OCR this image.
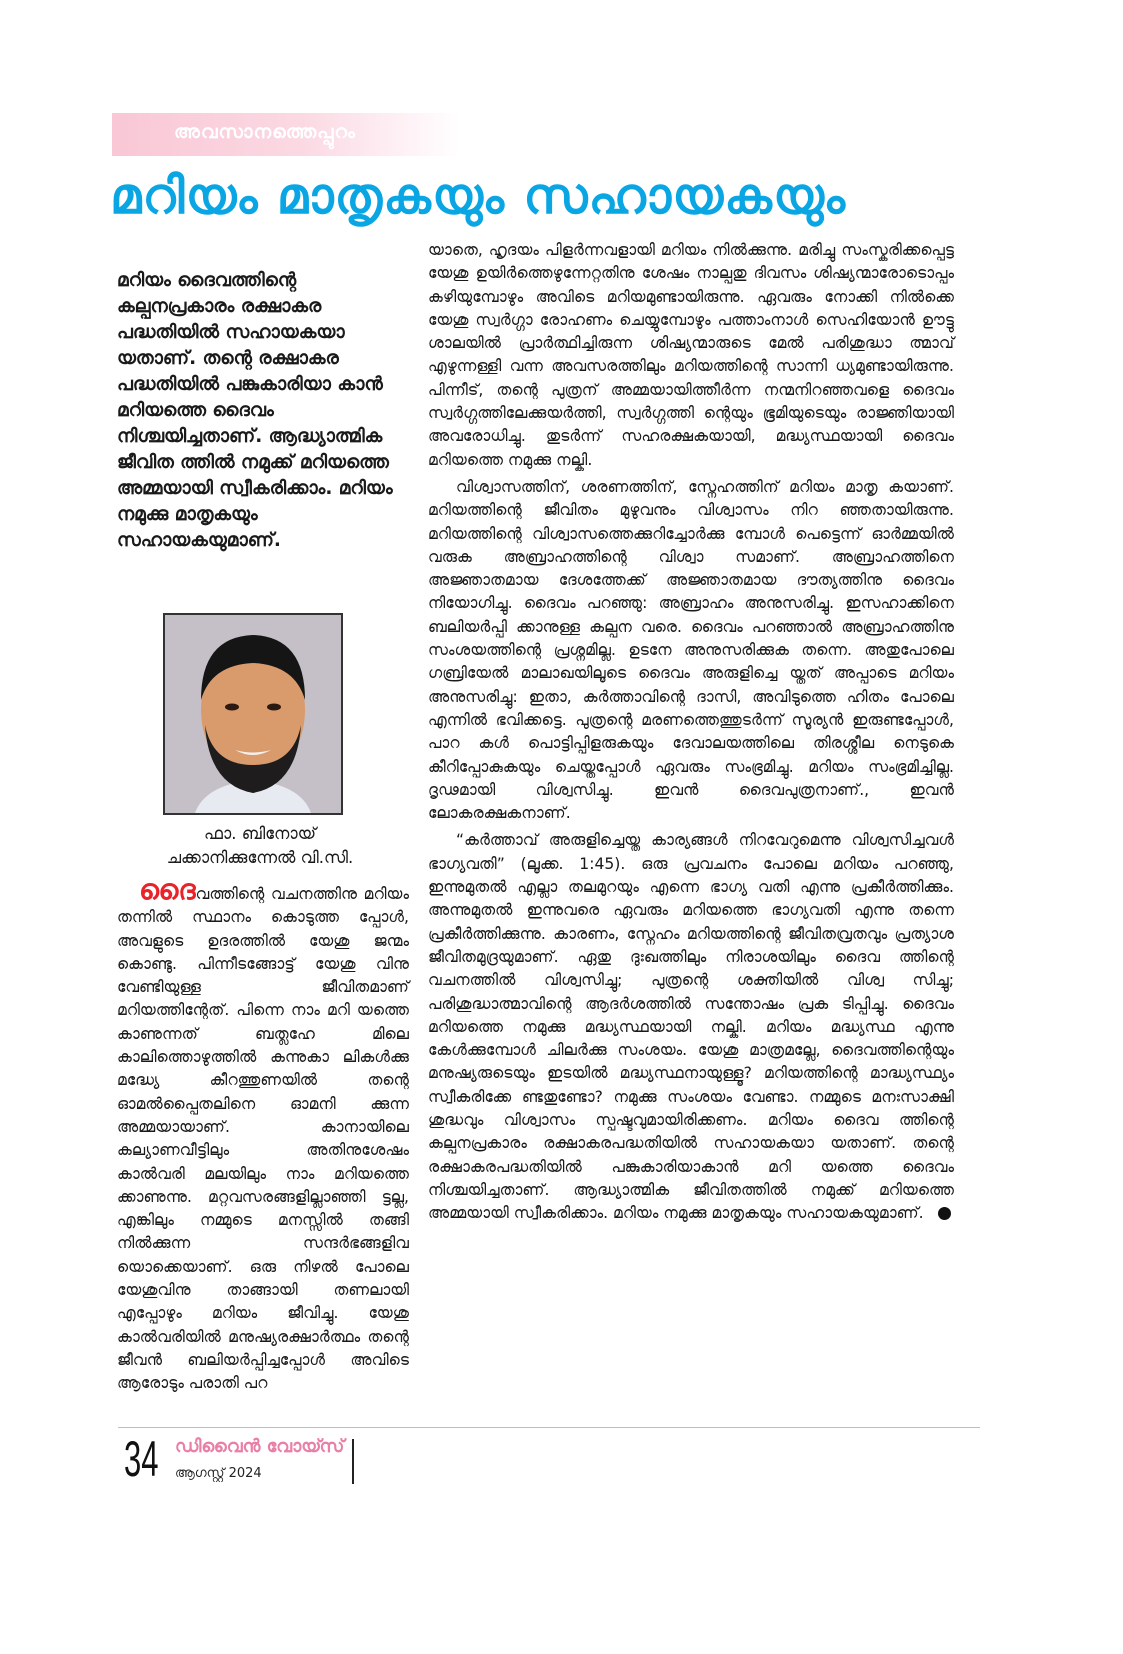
അവസാനത്തെപ്പുറം
മറിയം മാതൃകയും സഹായകയും

മറിയം ദൈവത്തിന്റെ കല്പനപ്രകാരം രക്ഷാകര പദ്ധതിയിൽ സഹായകയാ യതാണ്. തന്റെ രക്ഷാകര പദ്ധതിയിൽ പങ്കുകാരിയാ കാൻ മറിയത്തെ ദൈവം നിശ്ചയിച്ചതാണ്. ആദ്ധ്യാത്മിക ജീവിത ത്തിൽ നമുക്ക് മറിയത്തെ അമ്മയായി സ്വീകരിക്കാം. മറിയം നമുക്കു മാതൃകയും സഹായകയുമാണ്.

ഫാ. ബിനോയ്
ചക്കാനിക്കുന്നേൽ വി.സി.

ദൈവത്തിന്റെ വചനത്തിനു മറിയം തന്നിൽ സ്ഥാനം കൊടുത്ത പ്പോൾ, അവളുടെ ഉദരത്തിൽ യേശു ജന്മം കൊണ്ടു. പിന്നീടങ്ങോട്ട് യേശു വിനു വേണ്ടിയുള്ള ജീവിതമാണ് മറിയത്തിന്റേത്. പിന്നെ നാം മറി യത്തെ കാണുന്നത് ബത്ലഹേ മിലെ കാലിത്തൊഴുത്തിൽ കന്നുകാ ലികൾക്കു മദ്ധ്യേ കീറത്തുണയിൽ തന്റെ ഓമൽപ്പൈതലിനെ ഓമനി ക്കുന്ന അമ്മയായാണ്. കാനായിലെ കല്യാണവീട്ടിലും അതിനുശേഷം കാൽവരി മലയിലും നാം മറിയത്തെ ക്കാണുന്നു. മറ്റവസരങ്ങളില്ലാഞ്ഞി ട്ടല്ല, എങ്കിലും നമ്മുടെ മനസ്സിൽ തങ്ങി നിൽക്കുന്ന സന്ദർഭങ്ങളിവ യൊക്കെയാണ്. ഒരു നിഴൽ പോലെ യേശുവിനു താങ്ങായി തണലായി എപ്പോഴും മറിയം ജീവിച്ചു. യേശു കാൽവരിയിൽ മനുഷ്യരക്ഷാർത്ഥം തന്റെ ജീവൻ ബലിയർപ്പിച്ചപ്പോൾ അവിടെ ആരോടും പരാതി പറ

യാതെ, ഹൃദയം പിളർന്നവളായി മറിയം നിൽക്കുന്നു. മരിച്ചു സംസ്കരിക്കപ്പെട്ട യേശു ഉയിർത്തെഴുന്നേറ്റതിനു ശേഷം നാല്പതു ദിവസം ശിഷ്യന്മാരോടൊപ്പം കഴിയുമ്പോഴും അവിടെ മറിയമുണ്ടായിരുന്നു. ഏവരും നോക്കി നിൽക്കെ യേശു സ്വർഗ്ഗാ രോഹണം ചെയ്യുമ്പോഴും പത്താംനാൾ സെഹിയോൻ ഊട്ടു ശാലയിൽ പ്രാർത്ഥിച്ചിരുന്ന ശിഷ്യന്മാരുടെ മേൽ പരിശുദ്ധാ ത്മാവ് എഴുന്നള്ളി വന്ന അവസരത്തിലും മറിയത്തിന്റെ സാന്നി ധ്യമുണ്ടായിരുന്നു. പിന്നീട്, തന്റെ പുത്രന് അമ്മയായിത്തീർന്ന നന്മനിറഞ്ഞവളെ ദൈവം സ്വർഗ്ഗത്തിലേക്കുയർത്തി, സ്വർഗ്ഗത്തി ന്റെയും ഭൂമിയുടെയും രാജ്ഞിയായി അവരോധിച്ചു. തുടർന്ന് സഹരക്ഷകയായി, മദ്ധ്യസ്ഥയായി ദൈവം മറിയത്തെ നമുക്കു നല്കി.

വിശ്വാസത്തിന്, ശരണത്തിന്, സ്നേഹത്തിന് മറിയം മാതൃ കയാണ്. മറിയത്തിന്റെ ജീവിതം മുഴുവനും വിശ്വാസം നിറ ഞ്ഞതായിരുന്നു. മറിയത്തിന്റെ വിശ്വാസത്തെക്കുറിച്ചോർക്കു മ്പോൾ പെട്ടെന്ന് ഓർമ്മയിൽ വരുക അബ്രാഹത്തിന്റെ വിശ്വാ സമാണ്. അബ്രാഹത്തിനെ അജ്ഞാതമായ ദേശത്തേക്ക് അജ്ഞാതമായ ദൗത്യത്തിനു ദൈവം നിയോഗിച്ചു. ദൈവം പറഞ്ഞു: അബ്രാഹം അനുസരിച്ചു. ഇസഹാക്കിനെ ബലിയർപ്പി ക്കാനുള്ള കല്പന വരെ. ദൈവം പറഞ്ഞാൽ അബ്രാഹത്തിനു സംശയത്തിന്റെ പ്രശ്നമില്ല. ഉടനേ അനുസരിക്കുക തന്നെ. അതുപോലെ ഗബ്രിയേൽ മാലാഖയിലൂടെ ദൈവം അരുളിച്ചെ യ്തത് അപ്പാടെ മറിയം അനുസരിച്ചു: ഇതാ, കർത്താവിന്റെ ദാസി, അവിടുത്തെ ഹിതം പോലെ എന്നിൽ ഭവിക്കട്ടെ. പുത്രന്റെ മരണത്തെത്തുടർന്ന് സൂര്യൻ ഇരുണ്ടപ്പോൾ, പാറ കൾ പൊട്ടിപ്പിളരുകയും ദേവാലയത്തിലെ തിരശ്ശീല നെടുകെ കീറിപ്പോകുകയും ചെയ്തപ്പോൾ ഏവരും സംഭ്രമിച്ചു. മറിയം സംഭ്രമിച്ചില്ല. ദൃഢമായി വിശ്വസിച്ചു. ഇവൻ ദൈവപുത്രനാണ്., ഇവൻ ലോകരക്ഷകനാണ്.

“കർത്താവ് അരുളിച്ചെയ്ത കാര്യങ്ങൾ നിറവേറുമെന്നു വിശ്വസിച്ചവൾ ഭാഗ്യവതി” (ലൂക്ക. 1:45). ഒരു പ്രവചനം പോലെ മറിയം പറഞ്ഞു, ഇന്നുമുതൽ എല്ലാ തലമുറയും എന്നെ ഭാഗ്യ വതി എന്നു പ്രകീർത്തിക്കും. അന്നുമുതൽ ഇന്നുവരെ ഏവരും മറിയത്തെ ഭാഗ്യവതി എന്നു തന്നെ പ്രകീർത്തിക്കുന്നു. കാരണം, സ്നേഹം മറിയത്തിന്റെ ജീവിതവ്രതവും പ്രത്യാശ ജീവിതമുദ്രയുമാണ്. ഏതു ദുഃഖത്തിലും നിരാശയിലും ദൈവ ത്തിന്റെ വചനത്തിൽ വിശ്വസിച്ചു; പുത്രന്റെ ശക്തിയിൽ വിശ്വ സിച്ചു; പരിശുദ്ധാത്മാവിന്റെ ആദർശത്തിൽ സന്തോഷം പ്രക ടിപ്പിച്ചു. ദൈവം മറിയത്തെ നമുക്കു മദ്ധ്യസ്ഥയായി നല്കി. മറിയം മദ്ധ്യസ്ഥ എന്നു കേൾക്കുമ്പോൾ ചിലർക്കു സംശയം. യേശു മാത്രമല്ലേ, ദൈവത്തിന്റെയും മനുഷ്യരുടെയും ഇടയിൽ മദ്ധ്യസ്ഥനായുള്ളൂ? മറിയത്തിന്റെ മാദ്ധ്യസ്ഥ്യം സ്വീകരിക്കേ ണ്ടതുണ്ടോ? നമുക്കു സംശയം വേണ്ടാ. നമ്മുടെ മനഃസാക്ഷി ശുദ്ധവും വിശ്വാസം സ്പഷ്ടവുമായിരിക്കണം. മറിയം ദൈവ ത്തിന്റെ കല്പനപ്രകാരം രക്ഷാകരപദ്ധതിയിൽ സഹായകയാ യതാണ്. തന്റെ രക്ഷാകരപദ്ധതിയിൽ പങ്കുകാരിയാകാൻ മറി യത്തെ ദൈവം നിശ്ചയിച്ചതാണ്. ആദ്ധ്യാത്മിക ജീവിതത്തിൽ നമുക്ക് മറിയത്തെ അമ്മയായി സ്വീകരിക്കാം. മറിയം നമുക്കു മാതൃകയും സഹായകയുമാണ്.

34 ഡിവൈൻ വോയ്സ്
ആഗസ്റ്റ് 2024
